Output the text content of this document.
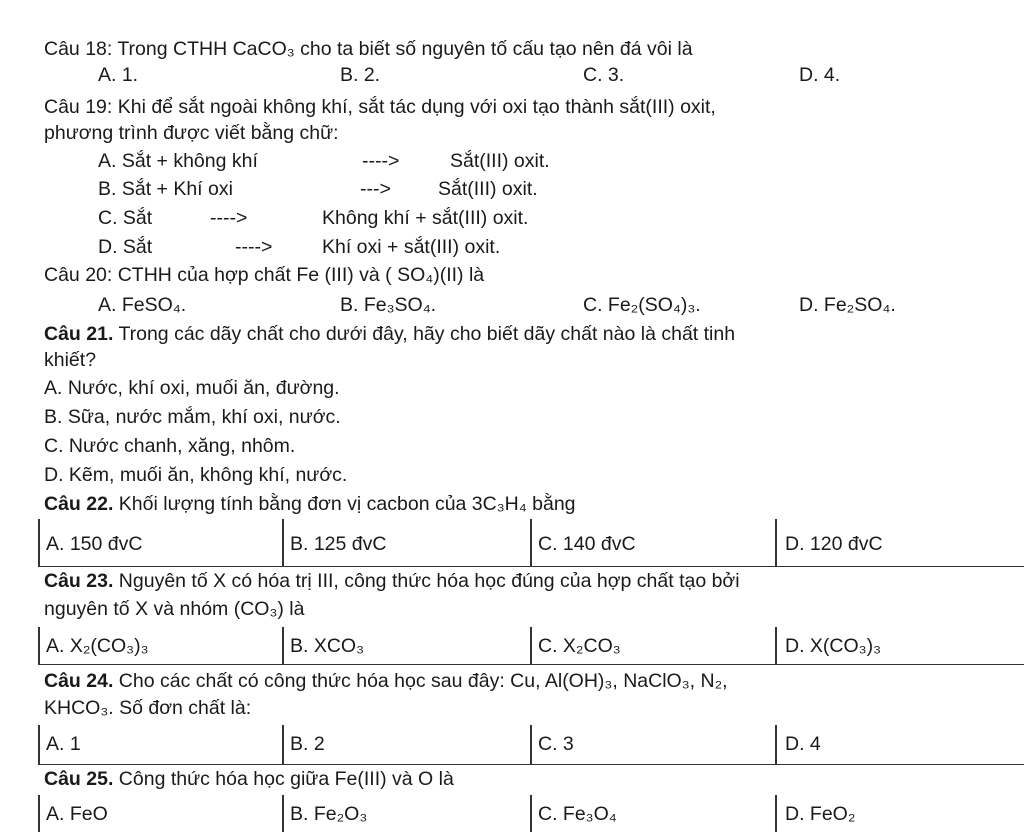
Câu 18: Trong CTHH CaCO₃ cho ta biết số nguyên tố cấu tạo nên đá vôi là
A. 1.	B. 2.	C. 3.	D. 4.
Câu 19: Khi để sắt ngoài không khí, sắt tác dụng với oxi tạo thành sắt(III) oxit,
phương trình được viết bằng chữ:
A. Sắt + không khí	---->	Sắt(III) oxit.
B. Sắt + Khí oxi	---> Sắt(III) oxit.
C. Sắt	---->	Không khí + sắt(III) oxit.
D. Sắt	---->	Khí oxi + sắt(III) oxit.
Câu 20: CTHH của hợp chất Fe (III) và ( SO₄)(II) là
A. FeSO₄.	B. Fe₃SO₄.	C. Fe₂(SO₄)₃.	D. Fe₂SO₄.
Câu 21. Trong các dãy chất cho dưới đây, hãy cho biết dãy chất nào là chất tinh
khiết?
A. Nước, khí oxi, muối ăn, đường.
B. Sữa, nước mắm, khí oxi, nước.
C. Nước chanh, xăng, nhôm.
D. Kẽm, muối ăn, không khí, nước.
Câu 22. Khối lượng tính bằng đơn vị cacbon của 3C₃H₄ bằng
A. 150 đvC	B. 125 đvC	C. 140 đvC	D. 120 đvC
Câu 23. Nguyên tố X có hóa trị III, công thức hóa học đúng của hợp chất tạo bởi
nguyên tố X và nhóm (CO₃) là
A. X₂(CO₃)₃	B. XCO₃	C. X₂CO₃	D. X(CO₃)₃
Câu 24. Cho các chất có công thức hóa học sau đây: Cu, Al(OH)₃, NaClO₃, N₂,
KHCO₃. Số đơn chất là:
A. 1	B. 2	C. 3	D. 4
Câu 25. Công thức hóa học giữa Fe(III) và O là
A. FeO	B. Fe₂O₃	C. Fe₃O₄	D. FeO₂
